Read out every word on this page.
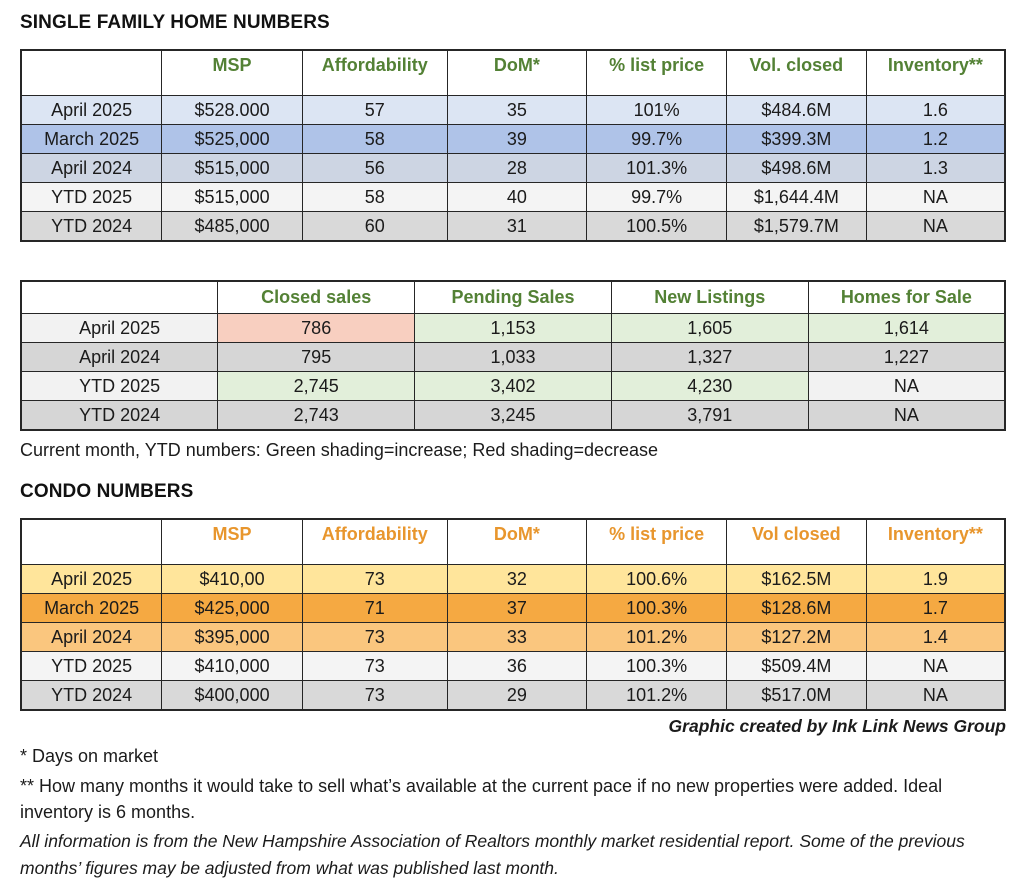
SINGLE FAMILY HOME NUMBERS
	MSP	Affordability	DoM*	% list price	Vol. closed	Inventory**
April 2025	$528.000	57	35	101%	$484.6M	1.6
March 2025	$525,000	58	39	99.7%	$399.3M	1.2
April 2024	$515,000	56	28	101.3%	$498.6M	1.3
YTD 2025	$515,000	58	40	99.7%	$1,644.4M	NA
YTD 2024	$485,000	60	31	100.5%	$1,579.7M	NA
	Closed sales	Pending Sales	New Listings	Homes for Sale
April 2025	786	1,153	1,605	1,614
April 2024	795	1,033	1,327	1,227
YTD 2025	2,745	3,402	4,230	NA
YTD 2024	2,743	3,245	3,791	NA

Current month, YTD numbers: Green shading=increase; Red shading=decrease

CONDO NUMBERS
	MSP	Affordability	DoM*	% list price	Vol closed	Inventory**
April 2025	$410,00	73	32	100.6%	$162.5M	1.9
March 2025	$425,000	71	37	100.3%	$128.6M	1.7
April 2024	$395,000	73	33	101.2%	$127.2M	1.4
YTD 2025	$410,000	73	36	100.3%	$509.4M	NA
YTD 2024	$400,000	73	29	101.2%	$517.0M	NA

Graphic created by Ink Link News Group

* Days on market

** How many months it would take to sell what’s available at the current pace if no new properties were added. Ideal inventory is 6 months.

All information is from the New Hampshire Association of Realtors monthly market residential report. Some of the previous months’ figures may be adjusted from what was published last month.
